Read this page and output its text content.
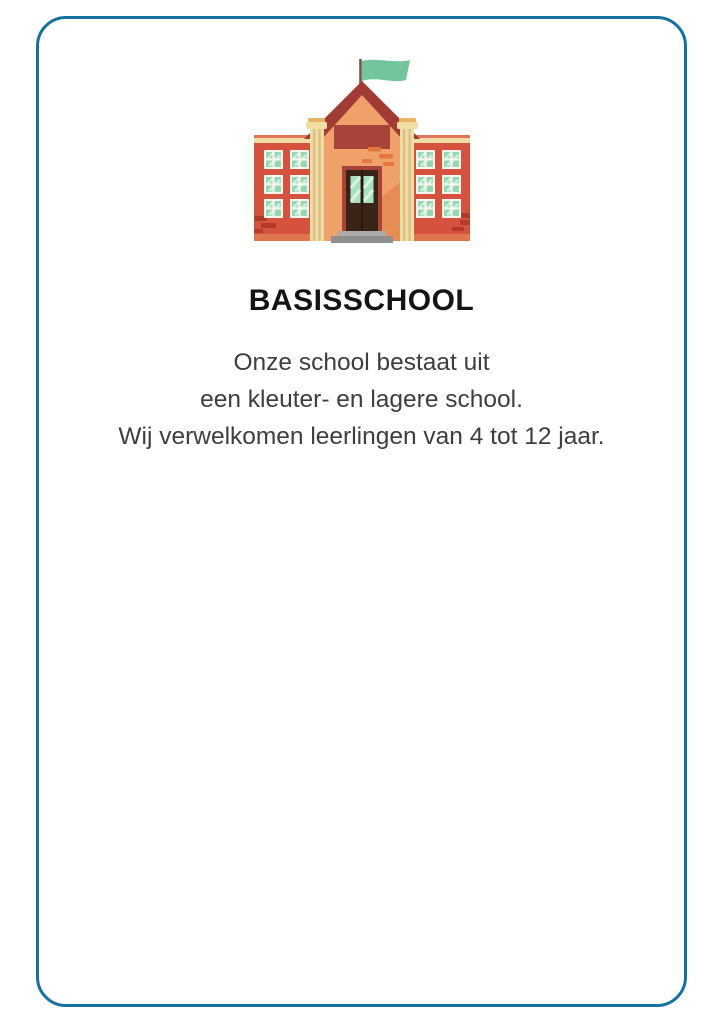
BASISSCHOOL

Onze school bestaat uit
een kleuter- en lagere school.
Wij verwelkomen leerlingen van 4 tot 12 jaar.
